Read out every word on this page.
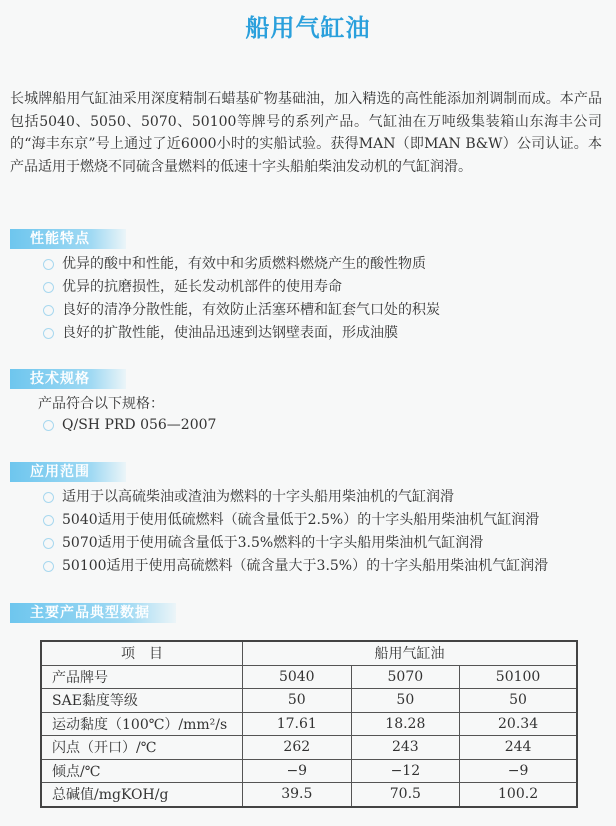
船用气缸油
长城牌船用气缸油采用深度精制石蜡基矿物基础油，加入精选的高性能添加剂调制而成。本产品包括5040、5050、5070、50100等牌号的系列产品。气缸油在万吨级集装箱山东海丰公司的“海丰东京”号上通过了近6000小时的实船试验。获得MAN（即MAN B&W）公司认证。本产品适用于燃烧不同硫含量燃料的低速十字头船舶柴油发动机的气缸润滑。
性能特点
优异的酸中和性能，有效中和劣质燃料燃烧产生的酸性物质
优异的抗磨损性，延长发动机部件的使用寿命
良好的清净分散性能，有效防止活塞环槽和缸套气口处的积炭
良好的扩散性能，使油品迅速到达钢壁表面，形成油膜
技术规格
产品符合以下规格：
Q/SH PRD 056—2007
应用范围
适用于以高硫柴油或渣油为燃料的十字头船用柴油机的气缸润滑
5040适用于使用低硫燃料（硫含量低于2.5%）的十字头船用柴油机气缸润滑
5070适用于使用硫含量低于3.5%燃料的十字头船用柴油机气缸润滑
50100适用于使用高硫燃料（硫含量大于3.5%）的十字头船用柴油机气缸润滑
主要产品典型数据
项　目	船用气缸油		
产品牌号	5040	5070	50100
SAE黏度等级	50	50	50
运动黏度（100℃）/mm²/s	17.61	18.28	20.34
闪点（开口）/℃	262	243	244
倾点/℃	−9	−12	−9
总碱值/mgKOH/g	39.5	70.5	100.2
